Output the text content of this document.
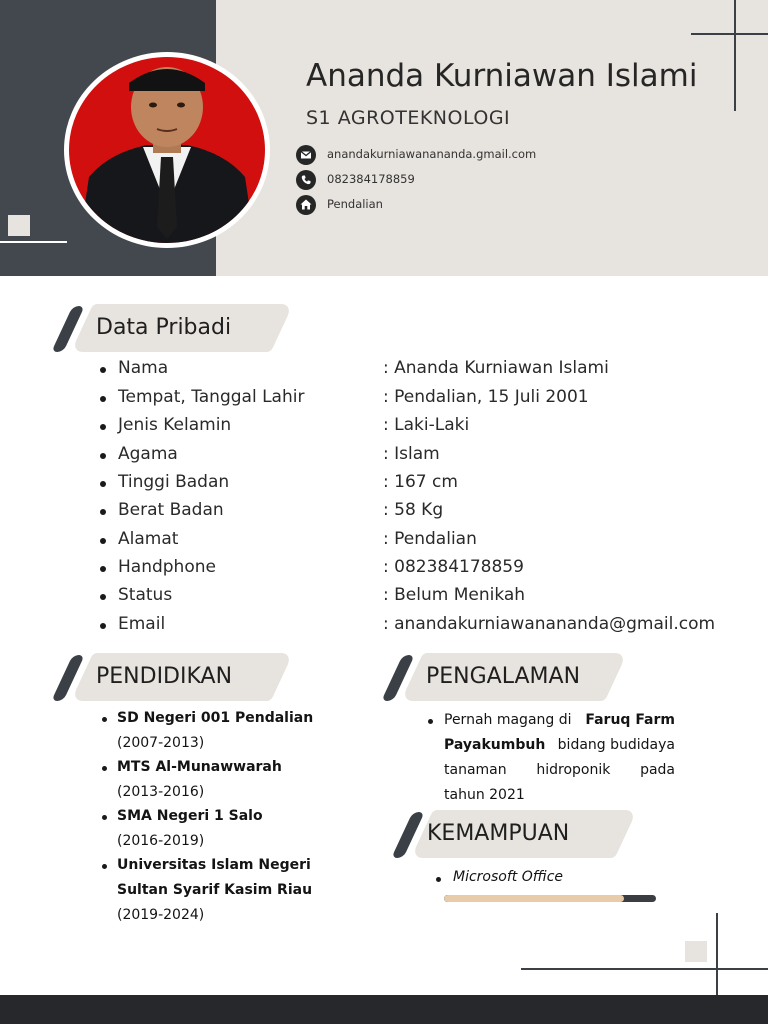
Ananda Kurniawan Islami
S1 AGROTEKNOLOGI
anandakurniawanananda.gmail.com
082384178859
Pendalian
Data Pribadi
Nama	: Ananda Kurniawan Islami
Tempat, Tanggal Lahir	: Pendalian, 15 Juli 2001
Jenis Kelamin	: Laki-Laki
Agama	: Islam
Tinggi Badan	: 167 cm
Berat Badan	: 58 Kg
Alamat	: Pendalian
Handphone	: 082384178859
Status	: Belum Menikah
Email	: anandakurniawanananda@gmail.com
PENDIDIKAN
SD Negeri 001 Pendalian
(2007-2013)
MTS Al-Munawwarah
(2013-2016)
SMA Negeri 1 Salo
(2016-2019)
Universitas Islam Negeri
Sultan Syarif Kasim Riau
(2019-2024)
PENGALAMAN
Pernah magang di Faruq Farm
Payakumbuh bidang budidaya
tanaman hidroponik pada
tahun 2021
KEMAMPUAN
Microsoft Office
